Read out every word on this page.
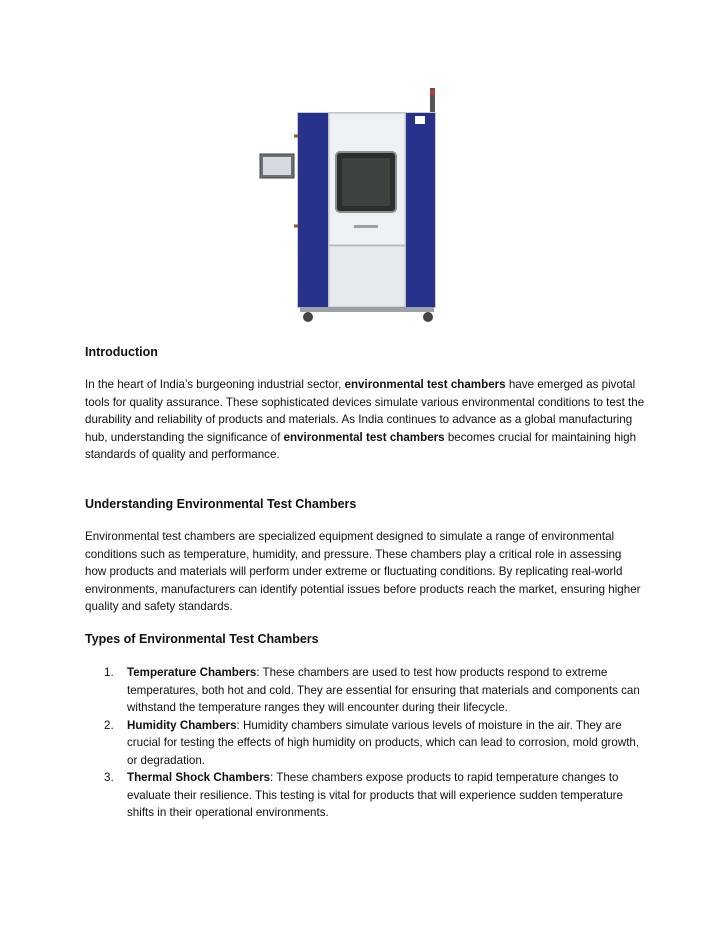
Introduction

In the heart of India’s burgeoning industrial sector, environmental test chambers have emerged as pivotal tools for quality assurance. These sophisticated devices simulate various environmental conditions to test the durability and reliability of products and materials. As India continues to advance as a global manufacturing hub, understanding the significance of environmental test chambers becomes crucial for maintaining high standards of quality and performance.

Understanding Environmental Test Chambers

Environmental test chambers are specialized equipment designed to simulate a range of environmental conditions such as temperature, humidity, and pressure. These chambers play a critical role in assessing how products and materials will perform under extreme or fluctuating conditions. By replicating real-world environments, manufacturers can identify potential issues before products reach the market, ensuring higher quality and safety standards.

Types of Environmental Test Chambers
1. Temperature Chambers: These chambers are used to test how products respond to extreme temperatures, both hot and cold. They are essential for ensuring that materials and components can withstand the temperature ranges they will encounter during their lifecycle.
2. Humidity Chambers: Humidity chambers simulate various levels of moisture in the air. They are crucial for testing the effects of high humidity on products, which can lead to corrosion, mold growth, or degradation.
3. Thermal Shock Chambers: These chambers expose products to rapid temperature changes to evaluate their resilience. This testing is vital for products that will experience sudden temperature shifts in their operational environments.
